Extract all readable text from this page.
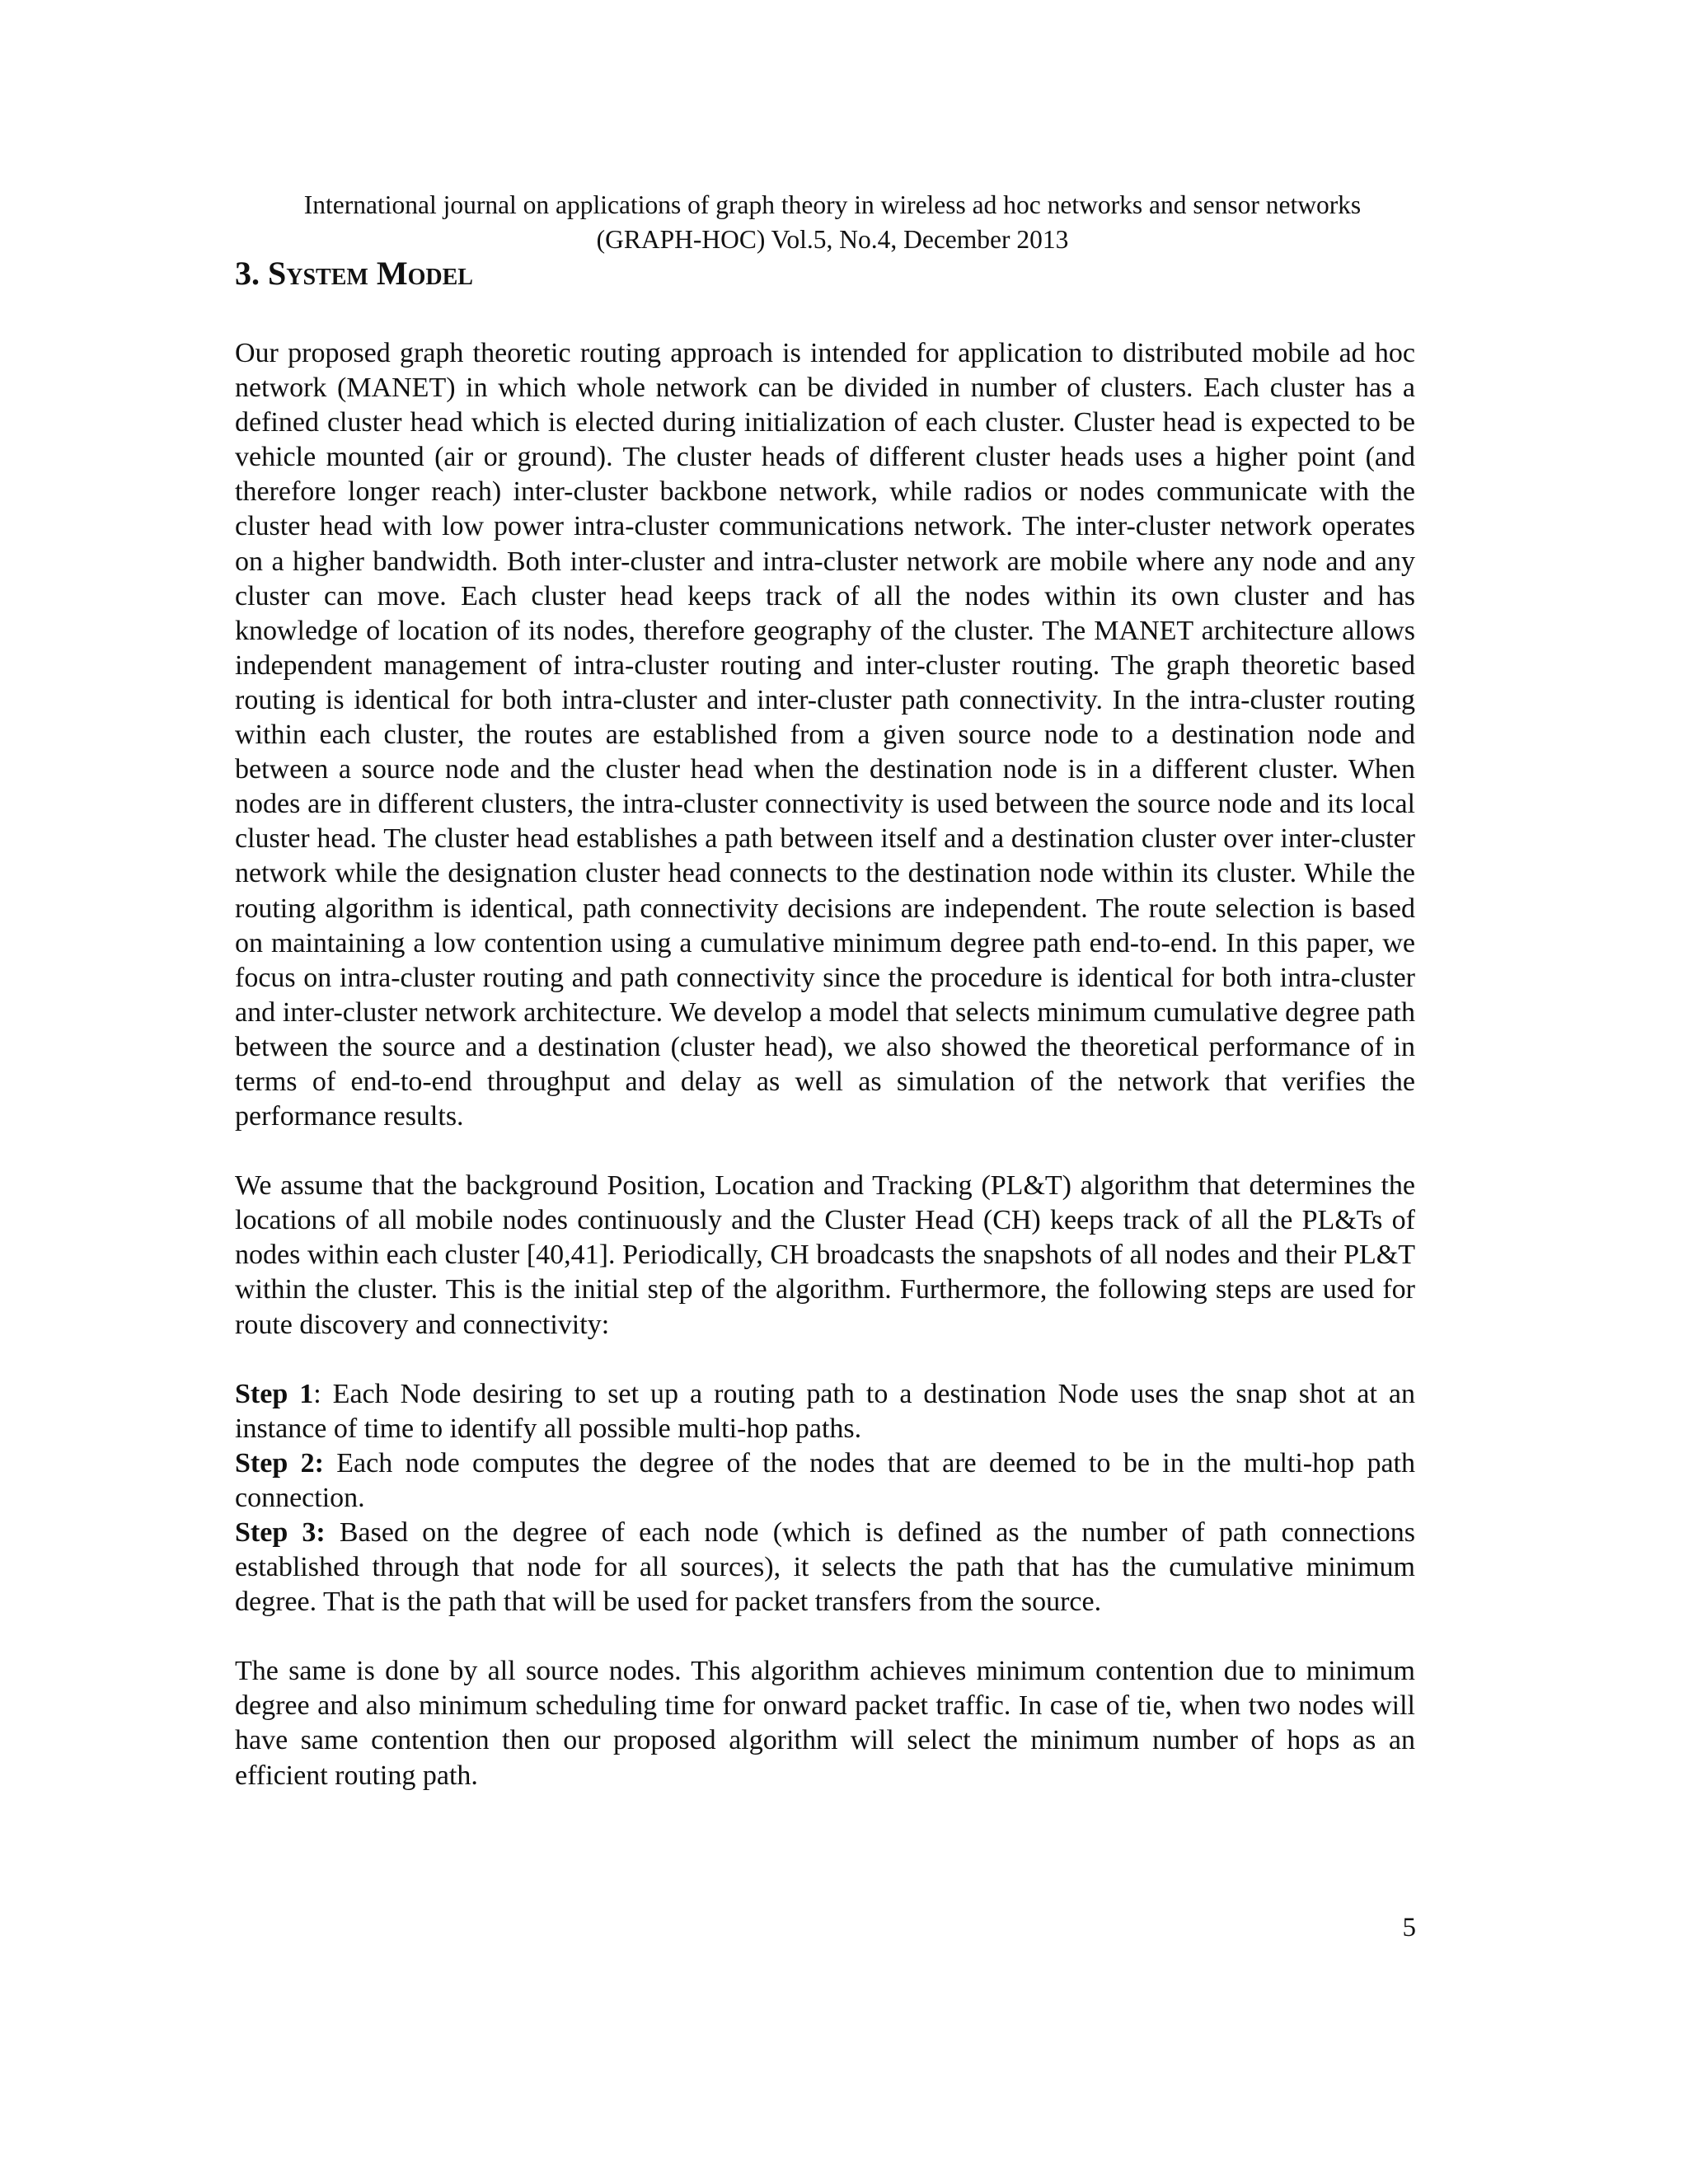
International journal on applications of graph theory in wireless ad hoc networks and sensor networks
(GRAPH-HOC) Vol.5, No.4, December 2013
3. System Model

Our proposed graph theoretic routing approach is intended for application to distributed mobile ad hoc network (MANET) in which whole network can be divided in number of clusters. Each cluster has a defined cluster head which is elected during initialization of each cluster. Cluster head is expected to be vehicle mounted (air or ground). The cluster heads of different cluster heads uses a higher point (and therefore longer reach) inter-cluster backbone network, while radios or nodes communicate with the cluster head with low power intra-cluster communications network. The inter-cluster network operates on a higher bandwidth. Both inter-cluster and intra-cluster network are mobile where any node and any cluster can move. Each cluster head keeps track of all the nodes within its own cluster and has knowledge of location of its nodes, therefore geography of the cluster. The MANET architecture allows independent management of intra-cluster routing and inter-cluster routing. The graph theoretic based routing is identical for both intra-cluster and inter-cluster path connectivity. In the intra-cluster routing within each cluster, the routes are established from a given source node to a destination node and between a source node and the cluster head when the destination node is in a different cluster. When nodes are in different clusters, the intra-cluster connectivity is used between the source node and its local cluster head. The cluster head establishes a path between itself and a destination cluster over inter-cluster network while the designation cluster head connects to the destination node within its cluster. While the routing algorithm is identical, path connectivity decisions are independent. The route selection is based on maintaining a low contention using a cumulative minimum degree path end-to-end. In this paper, we focus on intra-cluster routing and path connectivity since the procedure is identical for both intra-cluster and inter-cluster network architecture. We develop a model that selects minimum cumulative degree path between the source and a destination (cluster head), we also showed the theoretical performance of in terms of end-to-end throughput and delay as well as simulation of the network that verifies the performance results.

We assume that the background Position, Location and Tracking (PL&T) algorithm that determines the locations of all mobile nodes continuously and the Cluster Head (CH) keeps track of all the PL&Ts of nodes within each cluster [40,41]. Periodically, CH broadcasts the snapshots of all nodes and their PL&T within the cluster. This is the initial step of the algorithm. Furthermore, the following steps are used for route discovery and connectivity:

Step 1: Each Node desiring to set up a routing path to a destination Node uses the snap shot at an instance of time to identify all possible multi-hop paths.

Step 2: Each node computes the degree of the nodes that are deemed to be in the multi-hop path connection.

Step 3: Based on the degree of each node (which is defined as the number of path connections established through that node for all sources), it selects the path that has the cumulative minimum degree. That is the path that will be used for packet transfers from the source.

The same is done by all source nodes. This algorithm achieves minimum contention due to minimum degree and also minimum scheduling time for onward packet traffic. In case of tie, when two nodes will have same contention then our proposed algorithm will select the minimum number of hops as an efficient routing path.

5
